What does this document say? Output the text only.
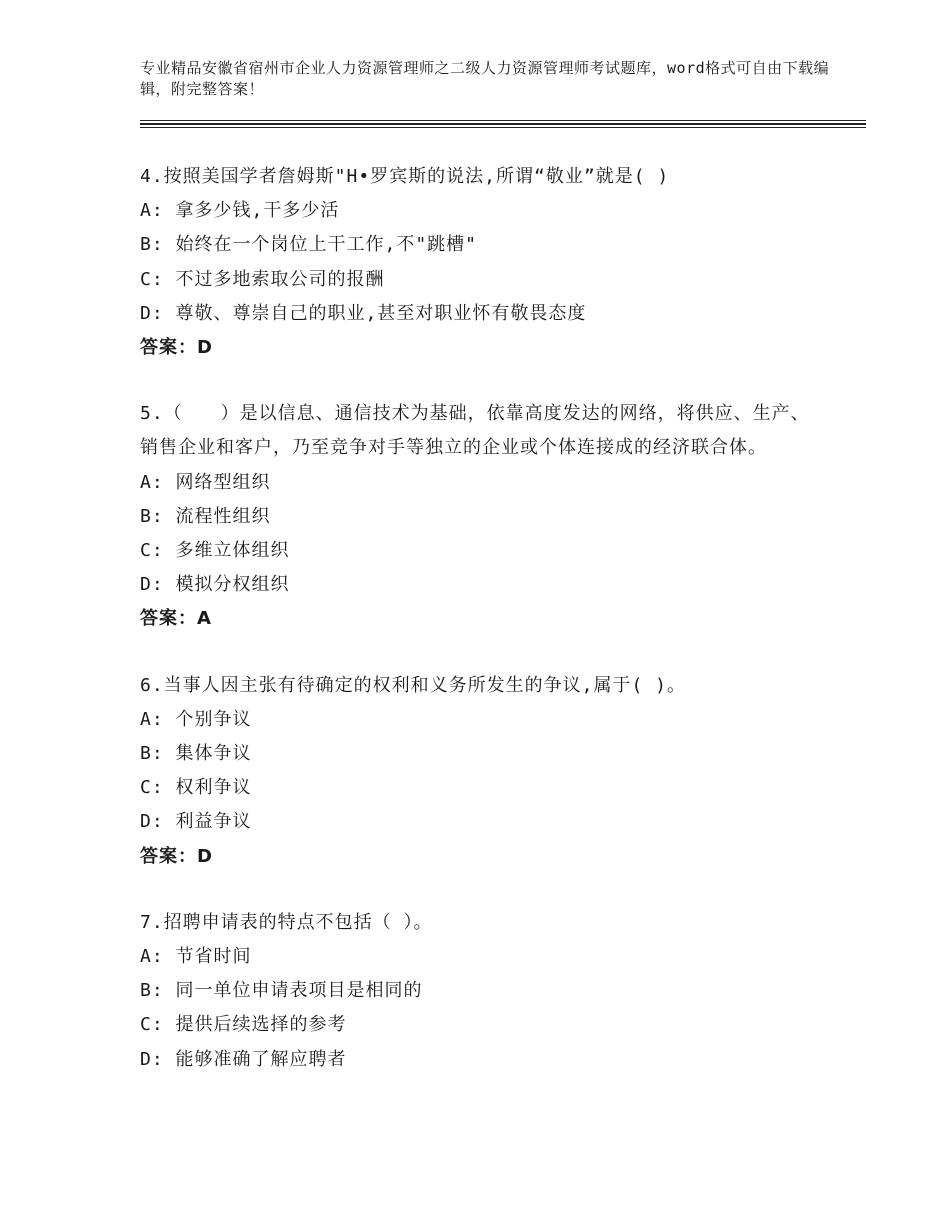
专业精品安徽省宿州市企业人力资源管理师之二级人力资源管理师考试题库，word格式可自由下载编辑，附完整答案！
4.按照美国学者詹姆斯"H•罗宾斯的说法,所谓“敬业”就是( )
A: 拿多少钱,干多少活
B: 始终在一个岗位上干工作,不"跳槽"
C: 不过多地索取公司的报酬
D: 尊敬、尊崇自己的职业,甚至对职业怀有敬畏态度
答案：D
5.（　　）是以信息、通信技术为基础，依靠高度发达的网络，将供应、生产、销售企业和客户，乃至竞争对手等独立的企业或个体连接成的经济联合体。
A: 网络型组织
B: 流程性组织
C: 多维立体组织
D: 模拟分权组织
答案：A
6.当事人因主张有待确定的权利和义务所发生的争议,属于( )。
A: 个别争议
B: 集体争议
C: 权利争议
D: 利益争议
答案：D
7.招聘申请表的特点不包括（ ）。
A: 节省时间
B: 同一单位申请表项目是相同的
C: 提供后续选择的参考
D: 能够准确了解应聘者
